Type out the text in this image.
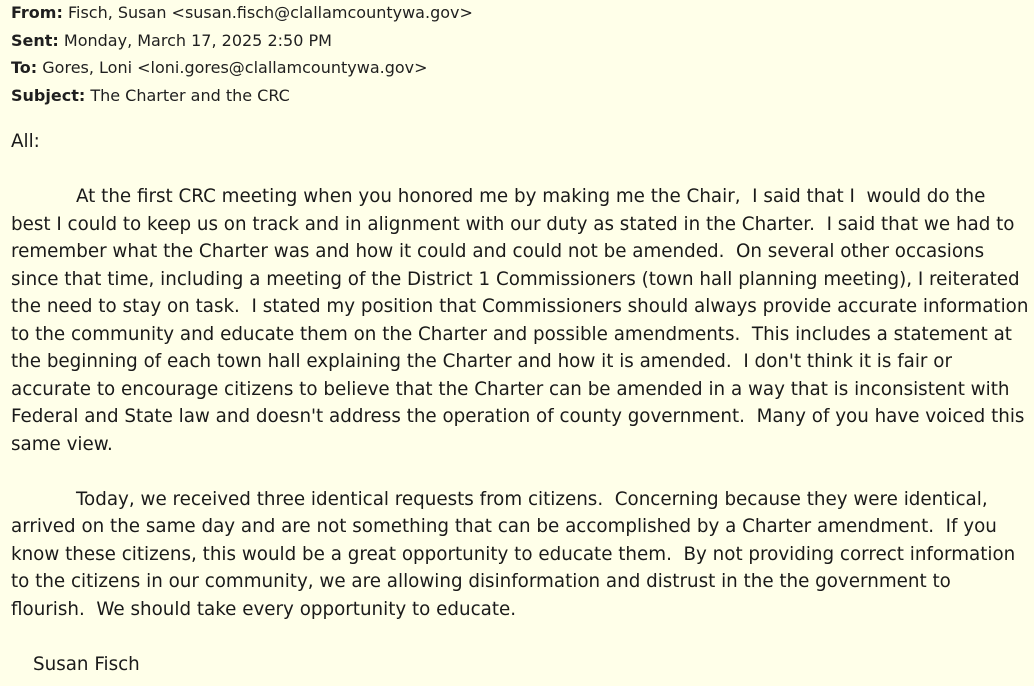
From: Fisch, Susan <susan.fisch@clallamcountywa.gov>
Sent: Monday, March 17, 2025 2:50 PM
To: Gores, Loni <loni.gores@clallamcountywa.gov>
Subject: The Charter and the CRC

All:

At the first CRC meeting when you honored me by making me the Chair,  I said that I  would do the best I could to keep us on track and in alignment with our duty as stated in the Charter.  I said that we had to remember what the Charter was and how it could and could not be amended.  On several other occasions since that time, including a meeting of the District 1 Commissioners (town hall planning meeting), I reiterated the need to stay on task.  I stated my position that Commissioners should always provide accurate information to the community and educate them on the Charter and possible amendments.  This includes a statement at the beginning of each town hall explaining the Charter and how it is amended.  I don't think it is fair or accurate to encourage citizens to believe that the Charter can be amended in a way that is inconsistent with Federal and State law and doesn't address the operation of county government.  Many of you have voiced this same view.

Today, we received three identical requests from citizens.  Concerning because they were identical, arrived on the same day and are not something that can be accomplished by a Charter amendment.  If you know these citizens, this would be a great opportunity to educate them.  By not providing correct information to the citizens in our community, we are allowing disinformation and distrust in the the government to flourish.  We should take every opportunity to educate.

Susan Fisch
